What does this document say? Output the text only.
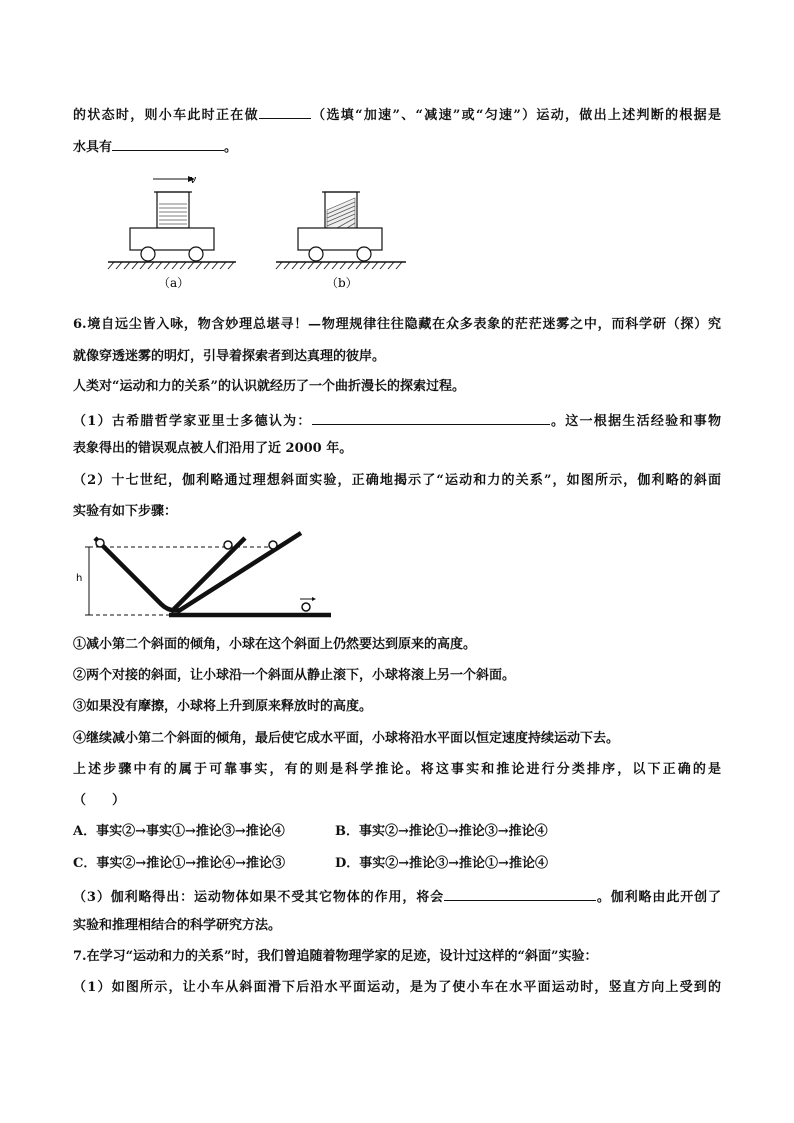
的状态时，则小车此时正在做	（选填“加速”、“减速”或“匀速”）运动，做出上述判断的根据是
水具有	。
v
（a）	（b）
6.境自远尘皆入咏，物含妙理总堪寻！—物理规律往往隐藏在众多表象的茫茫迷雾之中，而科学研（探）究
就像穿透迷雾的明灯，引导着探索者到达真理的彼岸。
人类对“运动和力的关系”的认识就经历了一个曲折漫长的探索过程。
（1）古希腊哲学家亚里士多德认为：	。这一根据生活经验和事物
表象得出的错误观点被人们沿用了近 2000 年。
（2）十七世纪，伽利略通过理想斜面实验，正确地揭示了“运动和力的关系”，如图所示，伽利略的斜面
实验有如下步骤：
h
①减小第二个斜面的倾角，小球在这个斜面上仍然要达到原来的高度。
②两个对接的斜面，让小球沿一个斜面从静止滚下，小球将滚上另一个斜面。
③如果没有摩擦，小球将上升到原来释放时的高度。
④继续减小第二个斜面的倾角，最后使它成水平面，小球将沿水平面以恒定速度持续运动下去。
上述步骤中有的属于可靠事实，有的则是科学推论。将这事实和推论进行分类排序，以下正确的是
（　　）
A．事实②→事实①→推论③→推论④	B．事实②→推论①→推论③→推论④
C．事实②→推论①→推论④→推论③	D．事实②→推论③→推论①→推论④
（3）伽利略得出：运动物体如果不受其它物体的作用，将会	。伽利略由此开创了
实验和推理相结合的科学研究方法。
7.在学习“运动和力的关系”时，我们曾追随着物理学家的足迹，设计过这样的“斜面”实验：
（1）如图所示，让小车从斜面滑下后沿水平面运动，是为了使小车在水平面运动时，竖直方向上受到的
